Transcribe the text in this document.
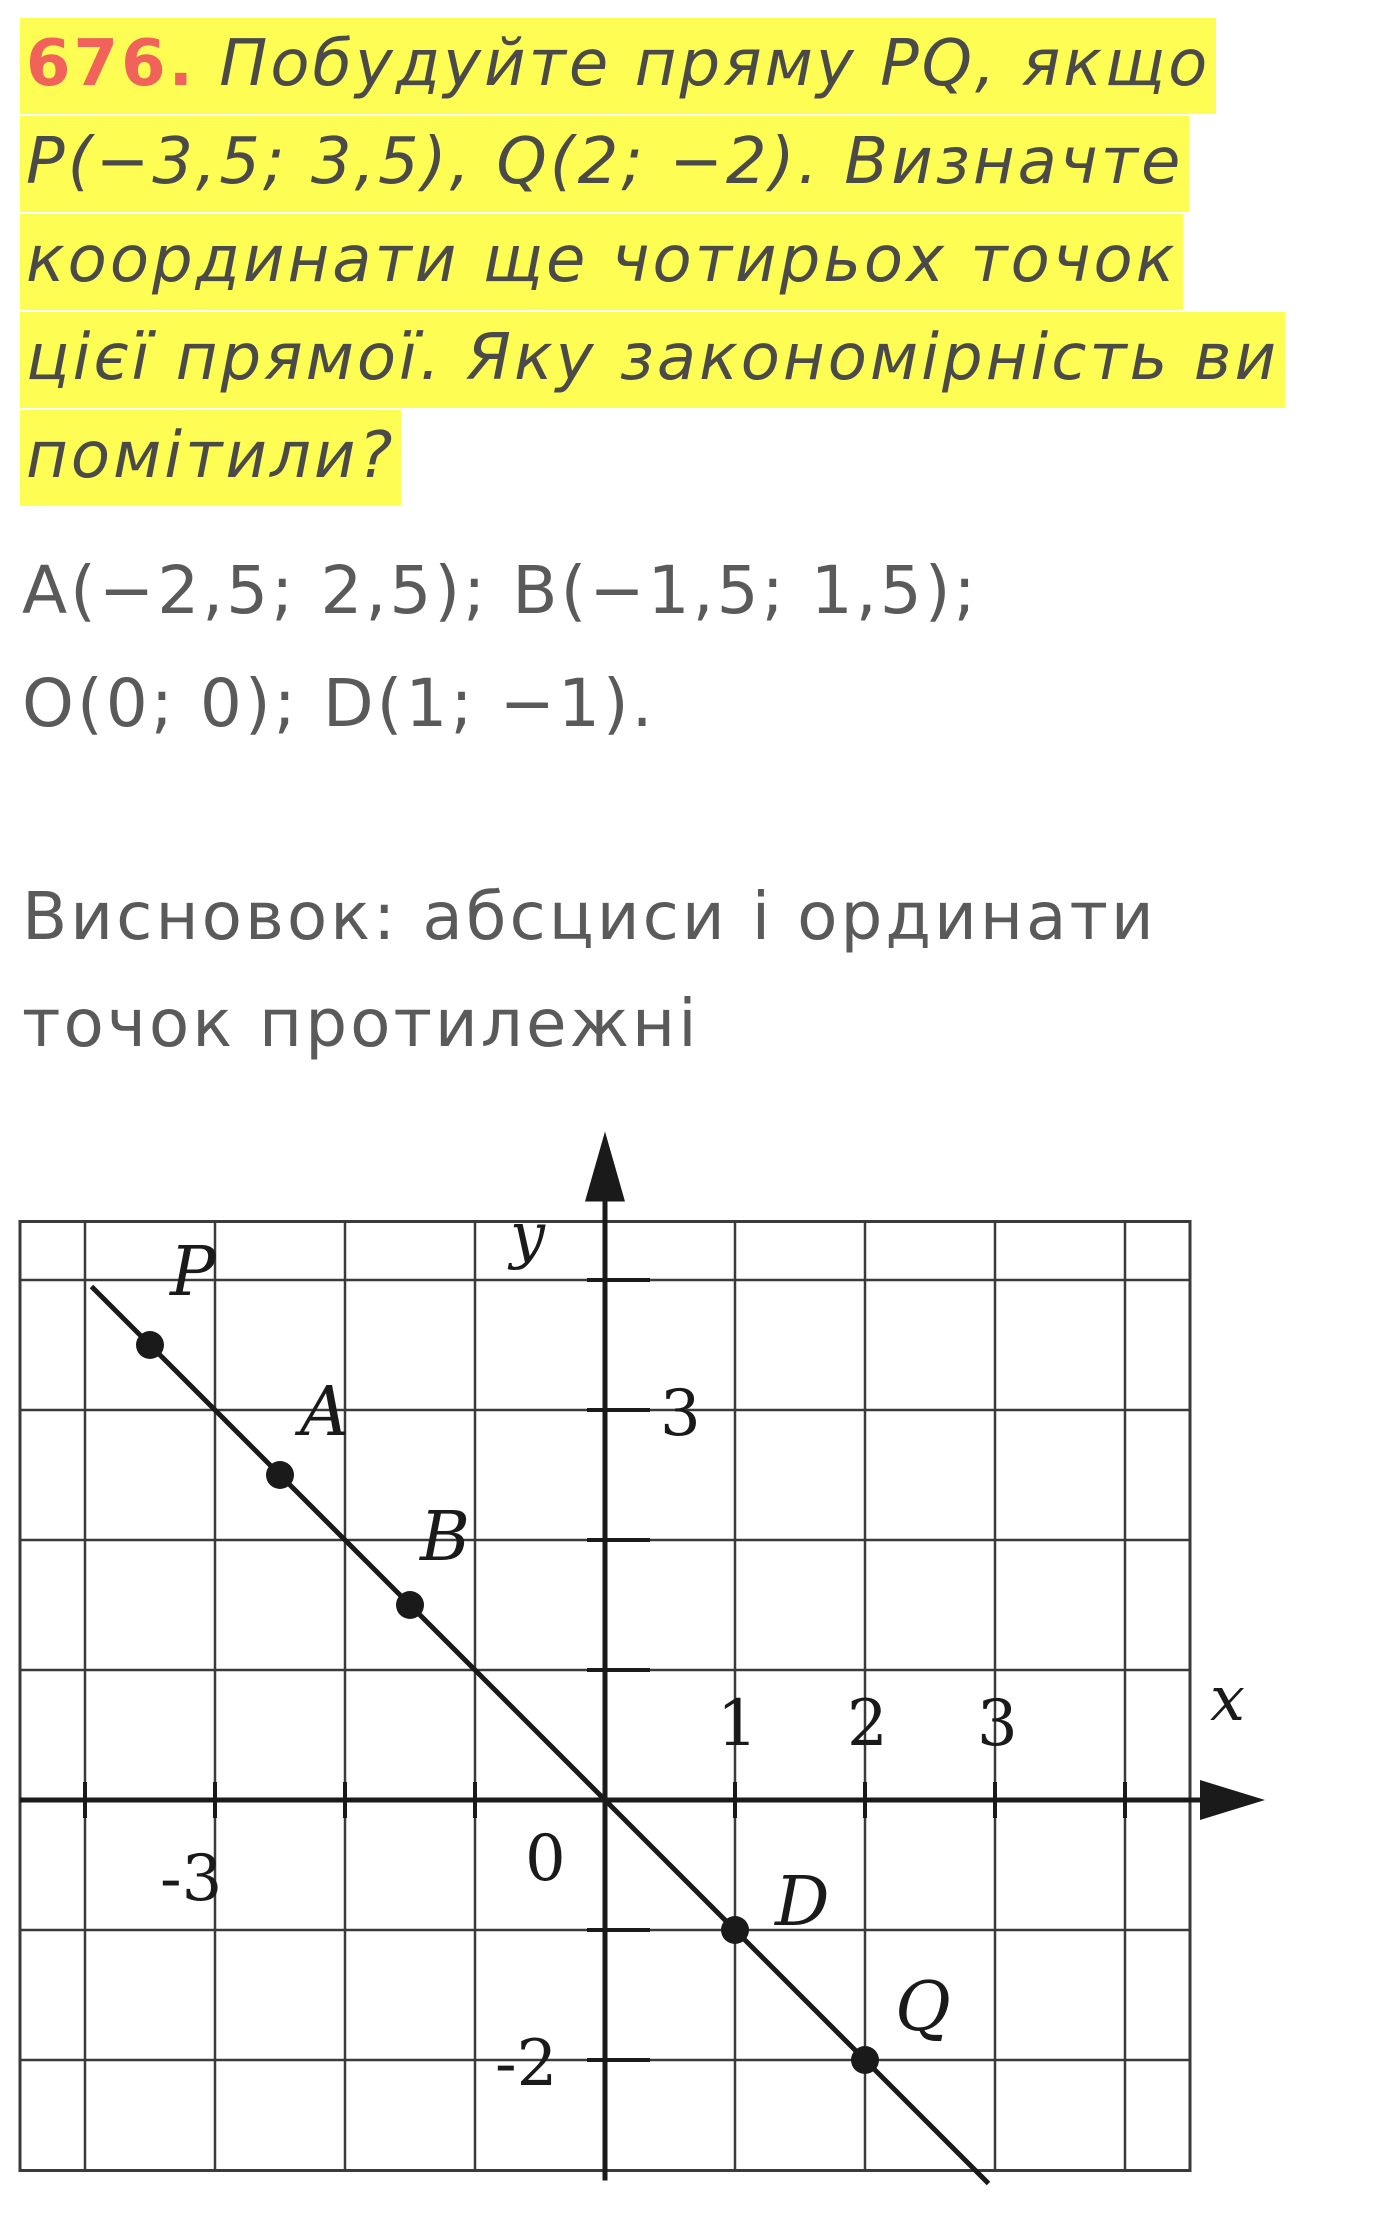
676. Побудуйте пряму PQ, якщо
P(−3,5; 3,5), Q(2; −2). Визначте
координати ще чотирьох точок
цієї прямої. Яку закономірність ви
помітили?
A(−2,5; 2,5); B(−1,5; 1,5);
O(0; 0); D(1; −1).
Висновок: абсциси і ординати
точок протилежні
P
A
B
D
Q
x
y
0
-3
1 2 3
3
-2
